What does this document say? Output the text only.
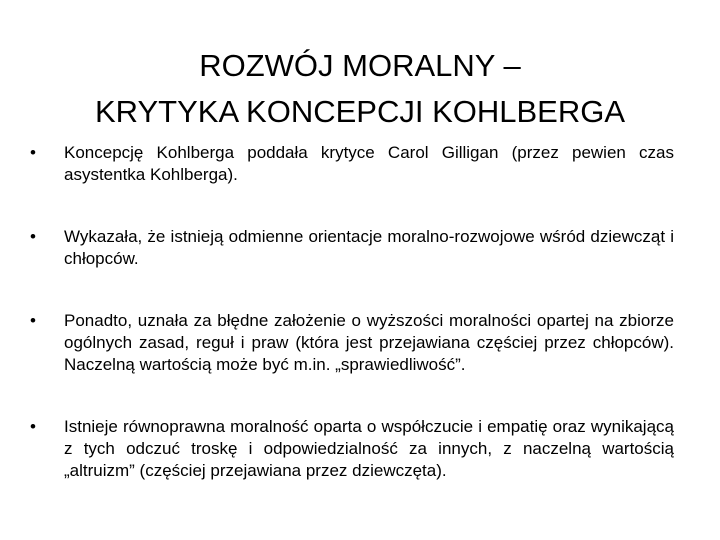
ROZWÓJ MORALNY –
KRYTYKA KONCEPCJI KOHLBERGA
•	Koncepcję Kohlberga poddała krytyce Carol Gilligan (przez pewien czas asystentka Kohlberga).
•	Wykazała, że istnieją odmienne orientacje moralno-rozwojowe wśród dziewcząt i chłopców.
•	Ponadto, uznała za błędne założenie o wyższości moralności opartej na zbiorze ogólnych zasad, reguł i praw (która jest przejawiana częściej przez chłopców). Naczelną wartością może być m.in. „sprawiedliwość”.
•	Istnieje równoprawna moralność oparta o współczucie i empatię oraz wynikającą z tych odczuć troskę i odpowiedzialność za innych, z naczelną wartością „altruizm” (częściej przejawiana przez dziewczęta).
